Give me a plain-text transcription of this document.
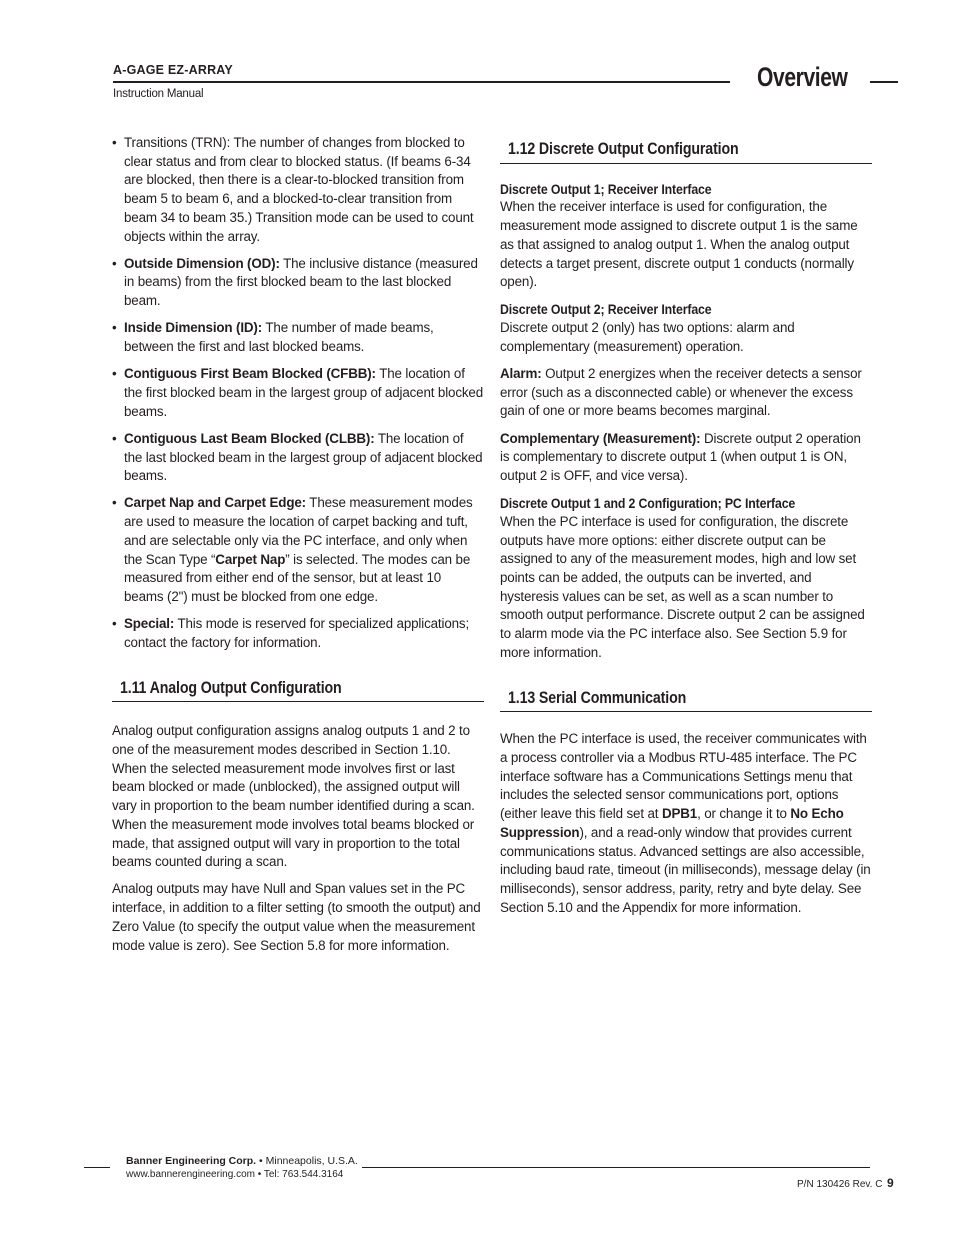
A-GAGE EZ-ARRAY
Instruction Manual
Overview
• Transitions (TRN): The number of changes from blocked to clear status and from clear to blocked status. (If beams 6-34 are blocked, then there is a clear-to-blocked transition from beam 5 to beam 6, and a blocked-to-clear transition from beam 34 to beam 35.) Transition mode can be used to count objects within the array.
• Outside Dimension (OD): The inclusive distance (measured in beams) from the first blocked beam to the last blocked beam.
• Inside Dimension (ID): The number of made beams, between the first and last blocked beams.
• Contiguous First Beam Blocked (CFBB): The location of the first blocked beam in the largest group of adjacent blocked beams.
• Contiguous Last Beam Blocked (CLBB): The location of the last blocked beam in the largest group of adjacent blocked beams.
• Carpet Nap and Carpet Edge: These measurement modes are used to measure the location of carpet backing and tuft, and are selectable only via the PC interface, and only when the Scan Type “Carpet Nap” is selected. The modes can be measured from either end of the sensor, but at least 10 beams (2") must be blocked from one edge.
• Special: This mode is reserved for specialized applications; contact the factory for information.
1.11 Analog Output Configuration

Analog output configuration assigns analog outputs 1 and 2 to one of the measurement modes described in Section 1.10. When the selected measurement mode involves first or last beam blocked or made (unblocked), the assigned output will vary in proportion to the beam number identified during a scan. When the measurement mode involves total beams blocked or made, that assigned output will vary in proportion to the total beams counted during a scan.

Analog outputs may have Null and Span values set in the PC interface, in addition to a filter setting (to smooth the output) and Zero Value (to specify the output value when the measurement mode value is zero). See Section 5.8 for more information.

1.12 Discrete Output Configuration
Discrete Output 1; Receiver Interface

When the receiver interface is used for configuration, the measurement mode assigned to discrete output 1 is the same as that assigned to analog output 1. When the analog output detects a target present, discrete output 1 conducts (normally open).

Discrete Output 2; Receiver Interface

Discrete output 2 (only) has two options: alarm and complementary (measurement) operation.

Alarm: Output 2 energizes when the receiver detects a sensor error (such as a disconnected cable) or whenever the excess gain of one or more beams becomes marginal.

Complementary (Measurement): Discrete output 2 operation is complementary to discrete output 1 (when output 1 is ON, output 2 is OFF, and vice versa).

Discrete Output 1 and 2 Configuration; PC Interface

When the PC interface is used for configuration, the discrete outputs have more options: either discrete output can be assigned to any of the measurement modes, high and low set points can be added, the outputs can be inverted, and hysteresis values can be set, as well as a scan number to smooth output performance. Discrete output 2 can be assigned to alarm mode via the PC interface also. See Section 5.9 for more information.

1.13 Serial Communication

When the PC interface is used, the receiver communicates with a process controller via a Modbus RTU-485 interface. The PC interface software has a Communications Settings menu that includes the selected sensor communications port, options (either leave this field set at DPB1, or change it to No Echo Suppression), and a read-only window that provides current communications status. Advanced settings are also accessible, including baud rate, timeout (in milliseconds), message delay (in milliseconds), sensor address, parity, retry and byte delay. See Section 5.10 and the Appendix for more information.

Banner Engineering Corp. • Minneapolis, U.S.A.
www.bannerengineering.com • Tel: 763.544.3164
P/N 130426 Rev. C 9
